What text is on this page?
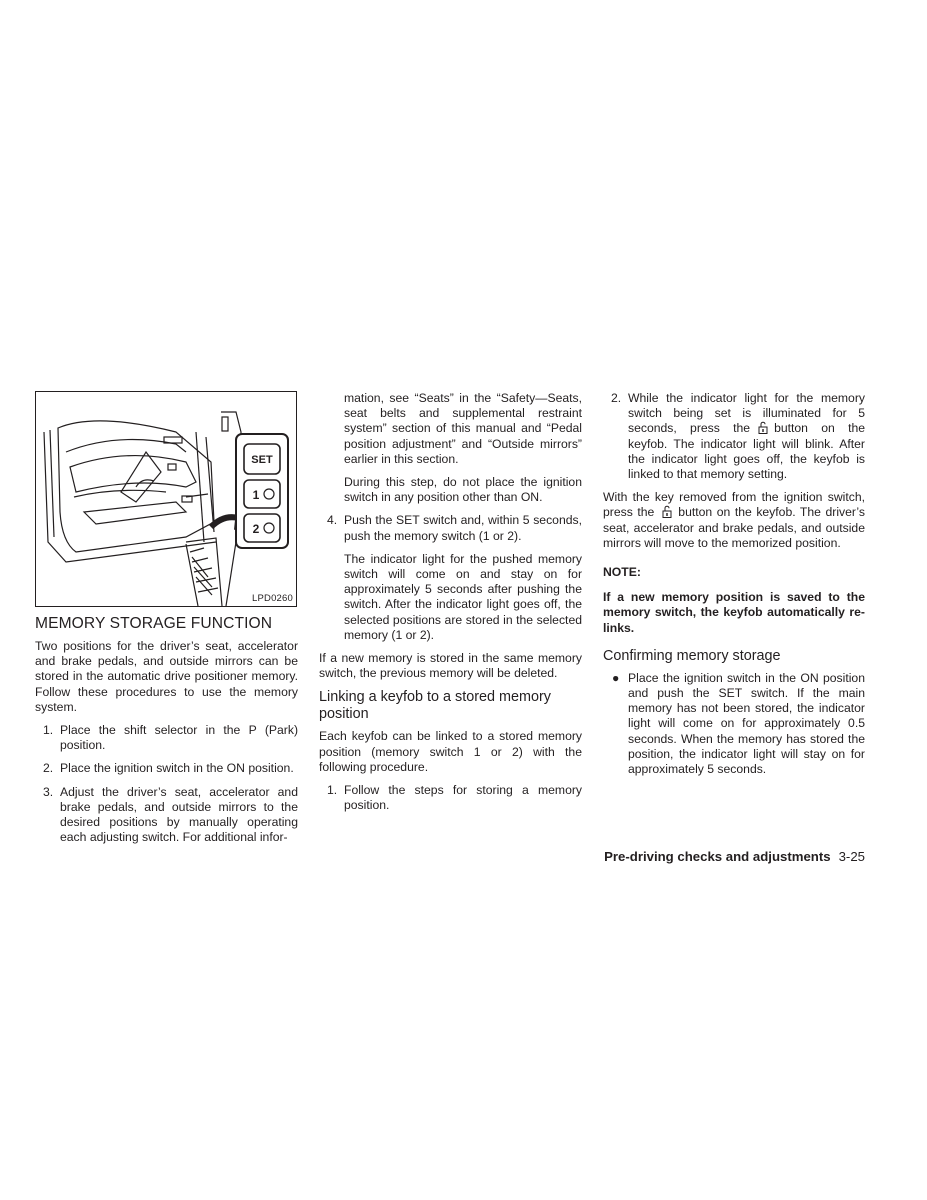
SET
1
2
LPD0260
MEMORY STORAGE FUNCTION

Two positions for the driver’s seat, accelerator and brake pedals, and outside mirrors can be stored in the automatic drive positioner memory. Follow these procedures to use the memory system.

1. Place the shift selector in the P (Park) position.
2. Place the ignition switch in the ON position.
3. Adjust the driver’s seat, accelerator and brake pedals, and outside mirrors to the desired positions by manually operating each adjusting switch. For additional infor-
mation, see “Seats” in the “Safety—Seats, seat belts and supplemental restraint system” section of this manual and “Pedal position adjustment” and “Outside mirrors” earlier in this section.
During this step, do not place the ignition switch in any position other than ON.
4. Push the SET switch and, within 5 seconds, push the memory switch (1 or 2).
The indicator light for the pushed memory switch will come on and stay on for approximately 5 seconds after pushing the switch. After the indicator light goes off, the selected positions are stored in the selected memory (1 or 2).

If a new memory is stored in the same memory switch, the previous memory will be deleted.

Linking a keyfob to a stored memory position

Each keyfob can be linked to a stored memory position (memory switch 1 or 2) with the following procedure.

1. Follow the steps for storing a memory position.
2. While the indicator light for the memory switch being set is illuminated for 5 seconds, press the button on the keyfob. The indicator light will blink. After the indicator light goes off, the keyfob is linked to that memory setting.

With the key removed from the ignition switch, press the button on the keyfob. The driver’s seat, accelerator and brake pedals, and outside mirrors will move to the memorized position.

NOTE:
If a new memory position is saved to the memory switch, the keyfob automatically re-links.
Confirming memory storage
● Place the ignition switch in the ON position and push the SET switch. If the main memory has not been stored, the indicator light will come on for approximately 0.5 seconds. When the memory has stored the position, the indicator light will stay on for approximately 5 seconds.
Pre-driving checks and adjustments 3-25
